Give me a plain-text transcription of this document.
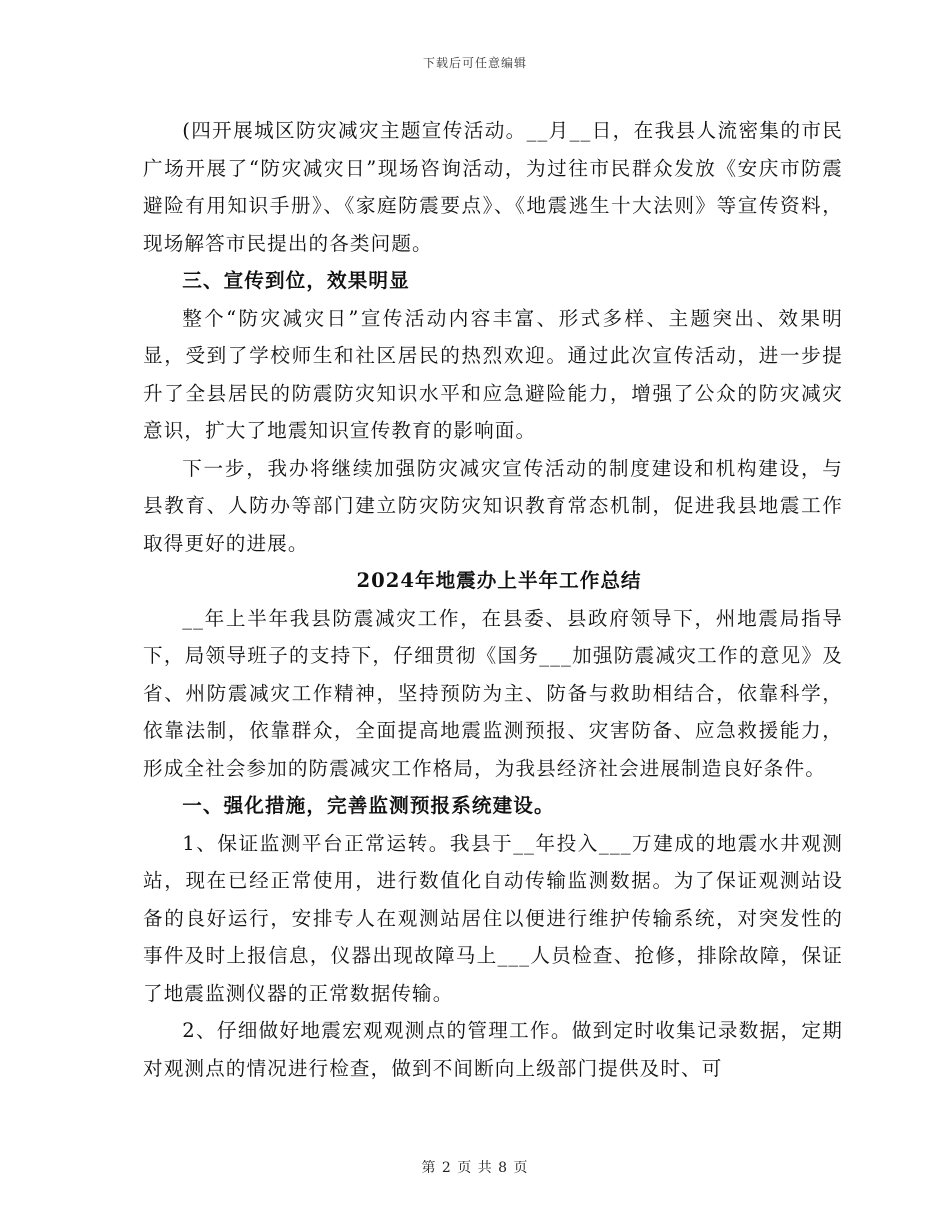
下载后可任意编辑

(四开展城区防灾减灾主题宣传活动。__月__日，在我县人流密集的市民广场开展了“防灾减灾日”现场咨询活动，为过往市民群众发放《安庆市防震避险有用知识手册》、《家庭防震要点》、《地震逃生十大法则》等宣传资料，现场解答市民提出的各类问题。

三、宣传到位，效果明显

整个“防灾减灾日”宣传活动内容丰富、形式多样、主题突出、效果明显，受到了学校师生和社区居民的热烈欢迎。通过此次宣传活动，进一步提升了全县居民的防震防灾知识水平和应急避险能力，增强了公众的防灾减灾意识，扩大了地震知识宣传教育的影响面。

下一步，我办将继续加强防灾减灾宣传活动的制度建设和机构建设，与县教育、人防办等部门建立防灾防灾知识教育常态机制，促进我县地震工作取得更好的进展。

2024年地震办上半年工作总结

__年上半年我县防震减灾工作，在县委、县政府领导下，州地震局指导下，局领导班子的支持下，仔细贯彻《国务___加强防震减灾工作的意见》及省、州防震减灾工作精神，坚持预防为主、防备与救助相结合，依靠科学，依靠法制，依靠群众，全面提高地震监测预报、灾害防备、应急救援能力，形成全社会参加的防震减灾工作格局，为我县经济社会进展制造良好条件。

一、强化措施，完善监测预报系统建设。

1、保证监测平台正常运转。我县于__年投入___万建成的地震水井观测站，现在已经正常使用，进行数值化自动传输监测数据。为了保证观测站设备的良好运行，安排专人在观测站居住以便进行维护传输系统，对突发性的事件及时上报信息，仪器出现故障马上___人员检查、抢修，排除故障，保证了地震监测仪器的正常数据传输。

2、仔细做好地震宏观观测点的管理工作。做到定时收集记录数据，定期对观测点的情况进行检查，做到不间断向上级部门提供及时、可

第 2 页 共 8 页
